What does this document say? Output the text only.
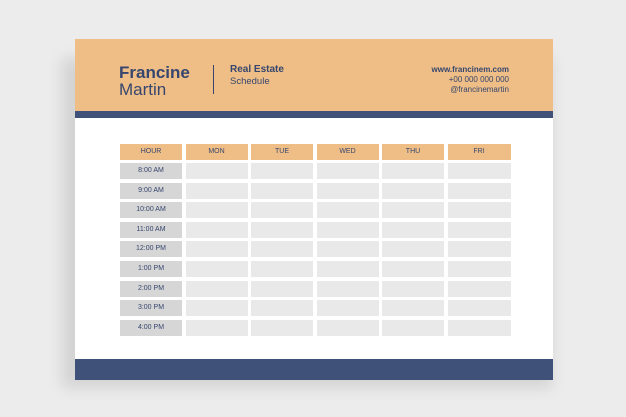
Francine
Martin
Real Estate
Schedule
www.francinem.com
+00 000 000 000
@francinemartin
HOUR	MON	TUE	WED	THU	FRI
8:00 AM
9:00 AM
10:00 AM
11:00 AM
12:00 PM
1:00 PM
2:00 PM
3:00 PM
4:00 PM
